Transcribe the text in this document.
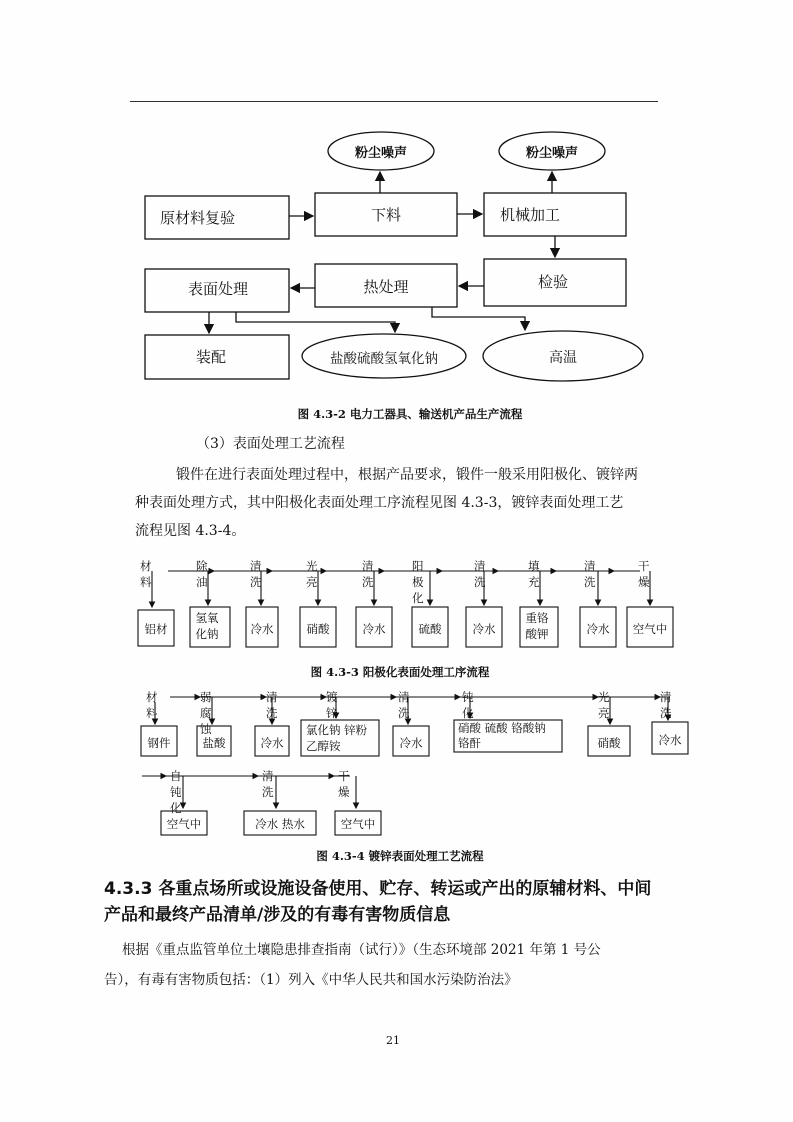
粉尘噪声	粉尘噪声
原材料复验	下料	机械加工
表面处理	热处理	检验
装配	盐酸硫酸氢氧化钠	高温
图 4.3-2 电力工器具、输送机产品生产流程
（3）表面处理工艺流程
锻件在进行表面处理过程中，根据产品要求，锻件一般采用阳极化、镀锌两
种表面处理方式，其中阳极化表面处理工序流程见图 4.3-3，镀锌表面处理工艺
流程见图 4.3-4。
材料
除油
清洗
光亮
清洗
阳极化
清洗
填充
清洗
干燥
铝材
氢氧化钠	冷水	硝酸	冷水	硫酸	冷水
重铬酸钾	冷水	空气中
图 4.3-3 阳极化表面处理工序流程
材料
弱腐蚀
清洗
镀锌
清洗
钝化
光亮
清洗
钢件	盐酸	冷水
氯化钠 锌粉 乙醇铵	冷水
硝酸 硫酸 铬酸钠 铬酐	硝酸	冷水
自钝化
清洗
干燥
空气中	冷水 热水	空气中
图 4.3-4 镀锌表面处理工艺流程
4.3.3 各重点场所或设施设备使用、贮存、转运或产出的原辅材料、中间
产品和最终产品清单/涉及的有毒有害物质信息
根据《重点监管单位土壤隐患排查指南（试行）》（生态环境部 2021 年第 1 号公
告），有毒有害物质包括：（1）列入《中华人民共和国水污染防治法》
21
